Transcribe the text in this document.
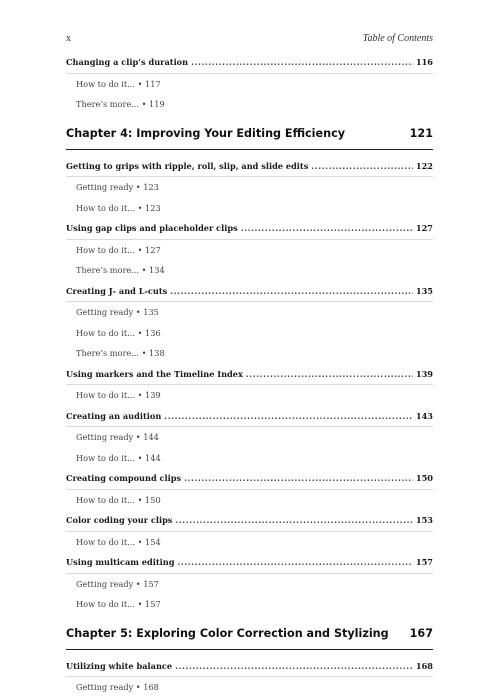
x	Table of Contents
Changing a clip’s duration .....	116
How to do it... • 117
There’s more... • 119
Chapter 4: Improving Your Editing Efficiency	121
Getting to grips with ripple, roll, slip, and slide edits .....	122
Getting ready • 123
How to do it... • 123
Using gap clips and placeholder clips .....	127
How to do it... • 127
There’s more... • 134
Creating J- and L-cuts .....	135
Getting ready • 135
How to do it... • 136
There’s more... • 138
Using markers and the Timeline Index .....	139
How to do it... • 139
Creating an audition .....	143
Getting ready • 144
How to do it... • 144
Creating compound clips .....	150
How to do it... • 150
Color coding your clips .....	153
How to do it... • 154
Using multicam editing .....	157
Getting ready • 157
How to do it... • 157
Chapter 5: Exploring Color Correction and Stylizing 167
Utilizing white balance .....	168
Getting ready • 168
